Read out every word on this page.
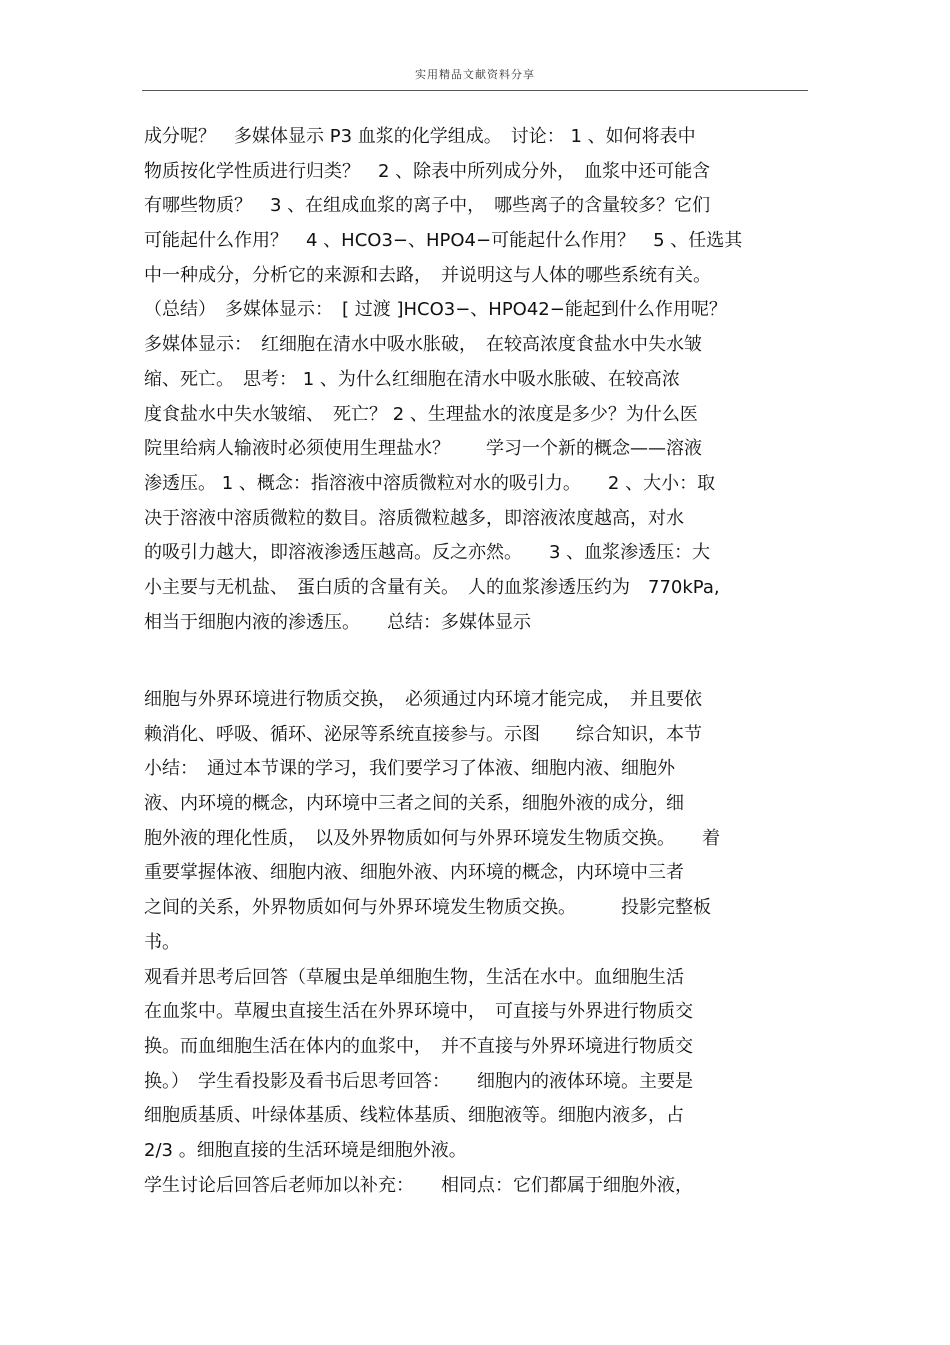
实用精品文献资料分享
成分呢？　多媒体显示 P3 血浆的化学组成。　讨论： 1 、如何将表中
物质按化学性质进行归类？　2 、除表中所列成分外，　血浆中还可能含
有哪些物质？　3 、在组成血浆的离子中，　哪些离子的含量较多？它们
可能起什么作用？　4 、HCO3−、HPO4−可能起什么作用？　5 、任选其
中一种成分，分析它的来源和去路，　并说明这与人体的哪些系统有关。
（总结）　多媒体显示：　[ 过渡 ]HCO3−、HPO42−能起到什么作用呢？
多媒体显示：　红细胞在清水中吸水胀破，　在较高浓度食盐水中失水皱
缩、死亡。　思考： 1 、为什么红细胞在清水中吸水胀破、在较高浓
度食盐水中失水皱缩、　死亡？ 2 、生理盐水的浓度是多少？为什么医
院里给病人输液时必须使用生理盐水？　　学习一个新的概念——溶液
渗透压。 1 、概念：指溶液中溶质微粒对水的吸引力。　　2 、大小：取
决于溶液中溶质微粒的数目。溶质微粒越多，即溶液浓度越高，对水
的吸引力越大，即溶液渗透压越高。反之亦然。　　3 、血浆渗透压：大
小主要与无机盐、　蛋白质的含量有关。　人的血浆渗透压约为　770kPa,
相当于细胞内液的渗透压。　　总结：多媒体显示
细胞与外界环境进行物质交换，　必须通过内环境才能完成，　并且要依
赖消化、呼吸、循环、泌尿等系统直接参与。示图　　综合知识，本节
小结：　通过本节课的学习，我们要学习了体液、细胞内液、细胞外
液、内环境的概念，内环境中三者之间的关系，细胞外液的成分，细
胞外液的理化性质，　以及外界物质如何与外界环境发生物质交换。　　着
重要掌握体液、细胞内液、细胞外液、内环境的概念，内环境中三者
之间的关系，外界物质如何与外界环境发生物质交换。　　　投影完整板
书。
观看并思考后回答（草履虫是单细胞生物，生活在水中。血细胞生活
在血浆中。草履虫直接生活在外界环境中，　可直接与外界进行物质交
换。而血细胞生活在体内的血浆中，　并不直接与外界环境进行物质交
换。）　学生看投影及看书后思考回答：　　细胞内的液体环境。主要是
细胞质基质、叶绿体基质、线粒体基质、细胞液等。细胞内液多，占
2/3 。细胞直接的生活环境是细胞外液。
学生讨论后回答后老师加以补充：　　相同点：它们都属于细胞外液，
